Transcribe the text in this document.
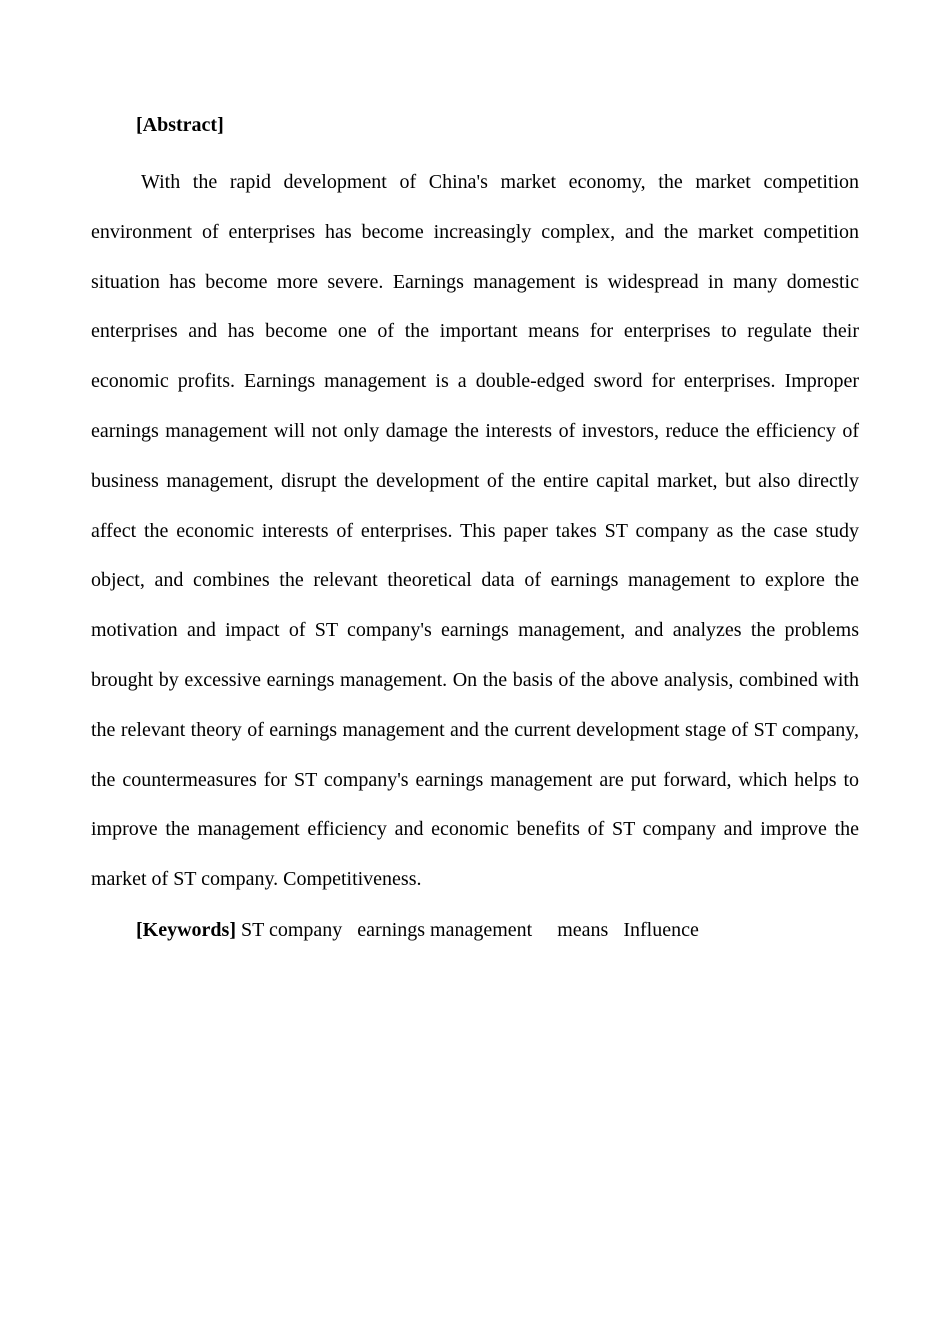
[Abstract]

With the rapid development of China's market economy, the market competition environment of enterprises has become increasingly complex, and the market competition situation has become more severe. Earnings management is widespread in many domestic enterprises and has become one of the important means for enterprises to regulate their economic profits. Earnings management is a double-edged sword for enterprises. Improper earnings management will not only damage the interests of investors, reduce the efficiency of business management, disrupt the development of the entire capital market, but also directly affect the economic interests of enterprises. This paper takes ST company as the case study object, and combines the relevant theoretical data of earnings management to explore the motivation and impact of ST company's earnings management, and analyzes the problems brought by excessive earnings management. On the basis of the above analysis, combined with the relevant theory of earnings management and the current development stage of ST company, the countermeasures for ST company's earnings management are put forward, which helps to improve the management efficiency and economic benefits of ST company and improve the market of ST company. Competitiveness.

[Keywords] ST company earnings management means Influence
